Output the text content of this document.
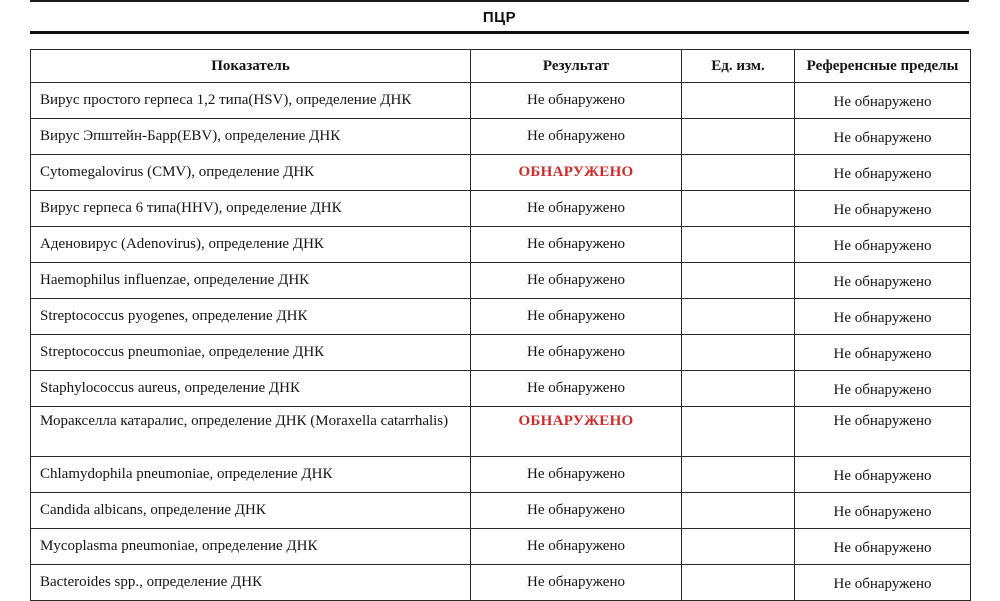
ПЦР
Показатель	Результат	Ед. изм.	Референсные пределы
Вирус простого герпеса 1,2 типа(HSV), определение ДНК	Не обнаружено		Не обнаружено
Вирус Эпштейн-Барр(EBV), определение ДНК	Не обнаружено		Не обнаружено
Cytomegalovirus (CMV), определение ДНК	ОБНАРУЖЕНО		Не обнаружено
Вирус герпеса 6 типа(HHV), определение ДНК	Не обнаружено		Не обнаружено
Аденовирус (Adenovirus), определение ДНК	Не обнаружено		Не обнаружено
Haemophilus influenzae, определение ДНК	Не обнаружено		Не обнаружено
Streptococcus pyogenes, определение ДНК	Не обнаружено		Не обнаружено
Streptococcus pneumoniae, определение ДНК	Не обнаружено		Не обнаружено
Staphylococcus aureus, определение ДНК	Не обнаружено		Не обнаружено
Моракселла катаралис, определение ДНК (Moraxella catarrhalis)	ОБНАРУЖЕНО		Не обнаружено
Chlamydophila pneumoniae, определение ДНК	Не обнаружено		Не обнаружено
Candida albicans, определение ДНК	Не обнаружено		Не обнаружено
Mycoplasma pneumoniae, определение ДНК	Не обнаружено		Не обнаружено
Bacteroides spp., определение ДНК	Не обнаружено		Не обнаружено
